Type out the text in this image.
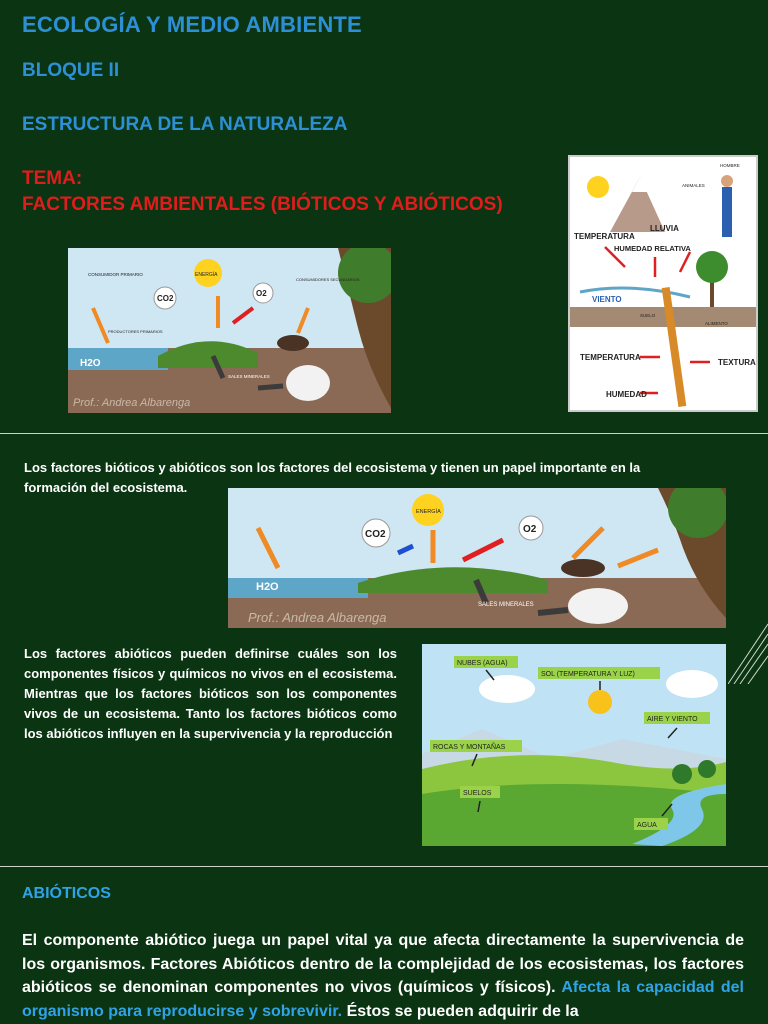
ECOLOGÍA Y MEDIO AMBIENTE

BLOQUE II

ESTRUCTURA DE LA NATURALEZA

TEMA:

FACTORES AMBIENTALES (BIÓTICOS Y ABIÓTICOS)

CONSUMIDOR PRIMARIO	ENERGÍA
CO2
O2
H2O
SALES MINERALES
CONSUMIDORES SECUNDARIOS
PRODUCTORES PRIMARIOS
Prof.: Andrea Albarenga
TEMPERATURA
LLUVIA
HUMEDAD RELATIVA
VIENTO
TEMPERATURA
TEXTURA
HUMEDAD
HOMBRE
ANIMALES
ALIMENTO
SUELO

Los factores bióticos y abióticos son los factores del ecosistema y tienen un papel importante en la formación del ecosistema.

ENERGÍA
CO2	O2
H2O
SALES MINERALES
Prof.: Andrea Albarenga

Los factores abióticos pueden definirse cuáles son los componentes físicos y químicos no vivos en el ecosistema. Mientras que los factores bióticos son los componentes vivos de un ecosistema. Tanto los factores bióticos como los abióticos influyen en la supervivencia y la reproducción

NUBES (AGUA)
SOL (TEMPERATURA Y LUZ)
AIRE Y VIENTO
ROCAS Y MONTAÑAS
SUELOS
AGUA

ABIÓTICOS

El componente abiótico juega un papel vital ya que afecta directamente la supervivencia de los organismos. Factores Abióticos dentro de la complejidad de los ecosistemas, los factores abióticos se denominan componentes no vivos (químicos y físicos). Afecta la capacidad del organismo para reproducirse y sobrevivir. Éstos se pueden adquirir de la
